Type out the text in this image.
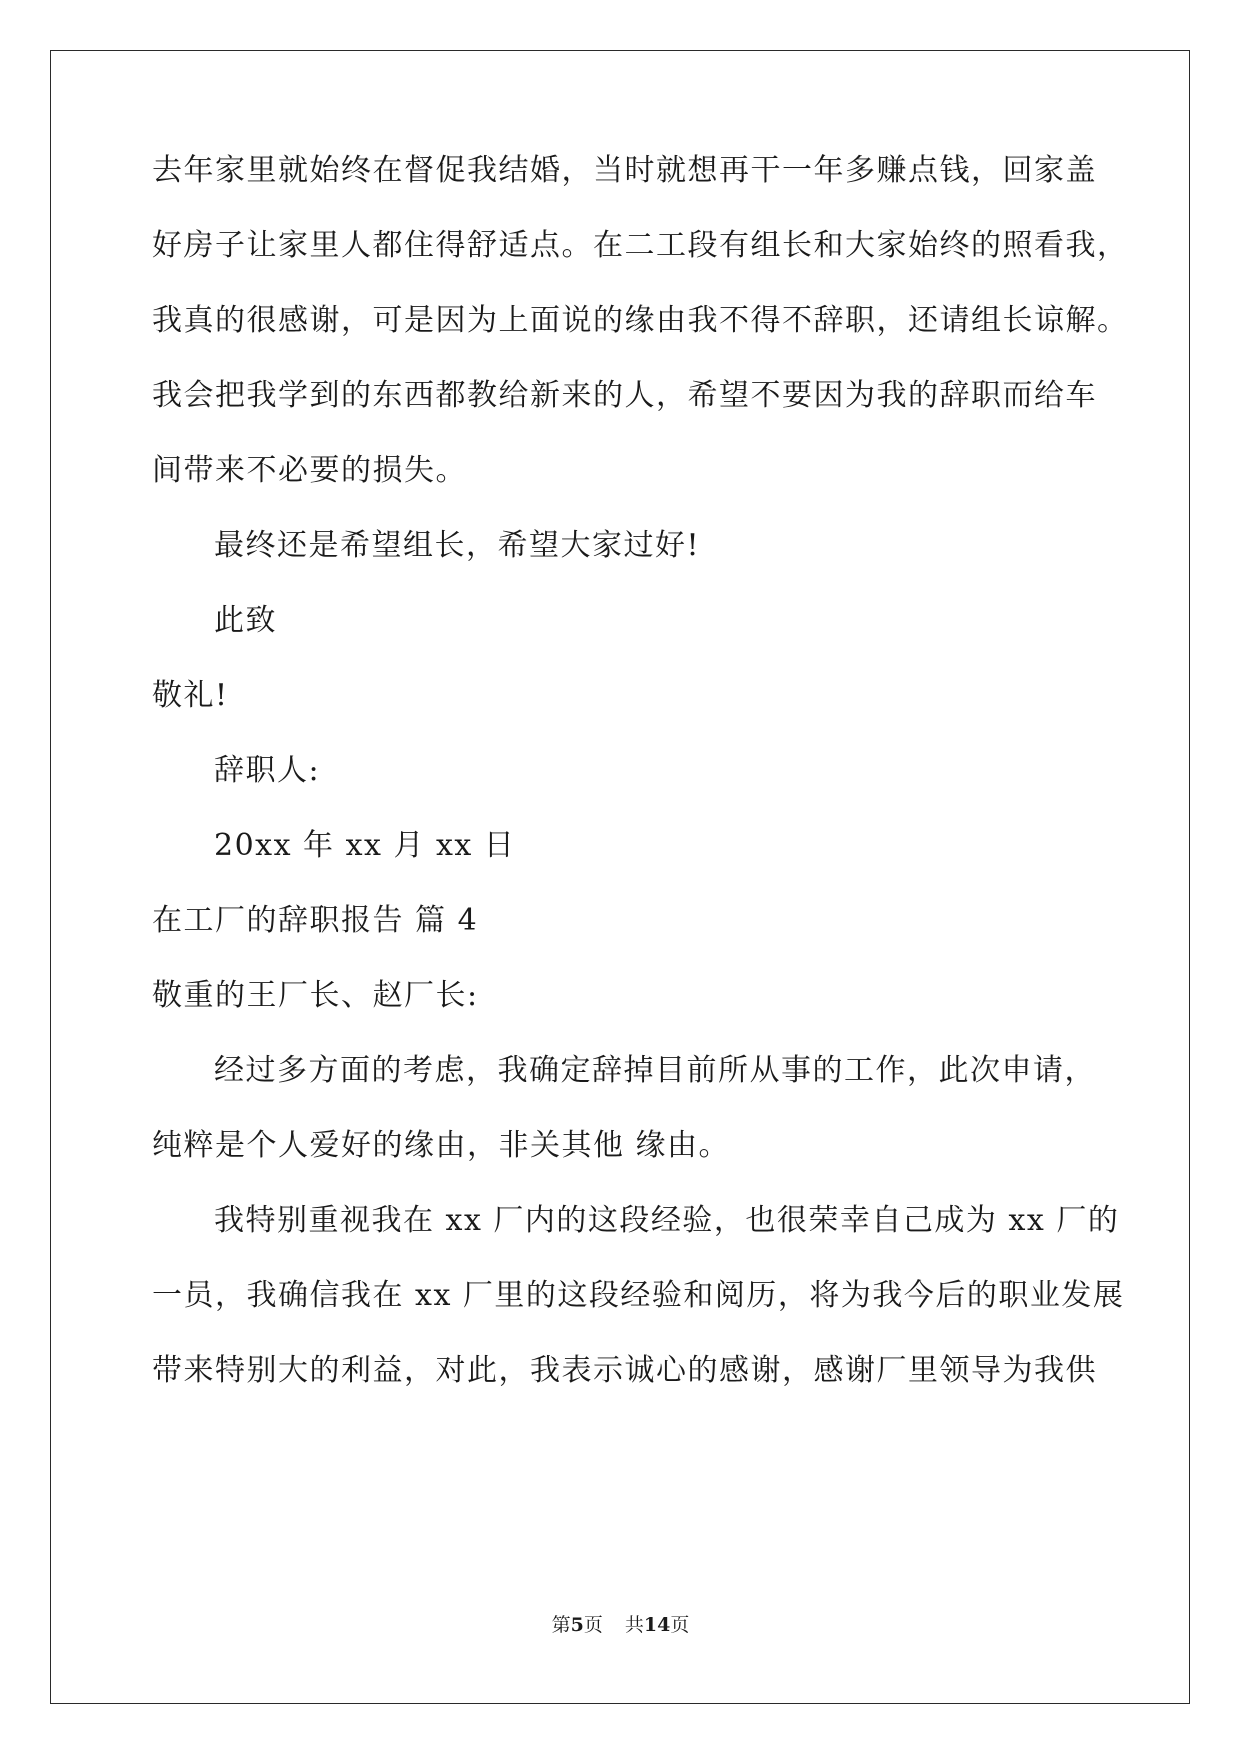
去年家里就始终在督促我结婚，当时就想再干一年多赚点钱，回家盖
好房子让家里人都住得舒适点。在二工段有组长和大家始终的照看我，
我真的很感谢，可是因为上面说的缘由我不得不辞职，还请组长谅解。
我会把我学到的东西都教给新来的人，希望不要因为我的辞职而给车
间带来不必要的损失。
最终还是希望组长，希望大家过好!
此致
敬礼!
辞职人:
20xx 年 xx 月 xx 日
在工厂的辞职报告 篇 4
敬重的王厂长、赵厂长:
经过多方面的考虑，我确定辞掉目前所从事的工作，此次申请，
纯粹是个人爱好的缘由，非关其他 缘由。
我特别重视我在 xx 厂内的这段经验，也很荣幸自己成为 xx 厂的
一员，我确信我在 xx 厂里的这段经验和阅历，将为我今后的职业发展
带来特别大的利益，对此，我表示诚心的感谢，感谢厂里领导为我供
第5页 共14页
